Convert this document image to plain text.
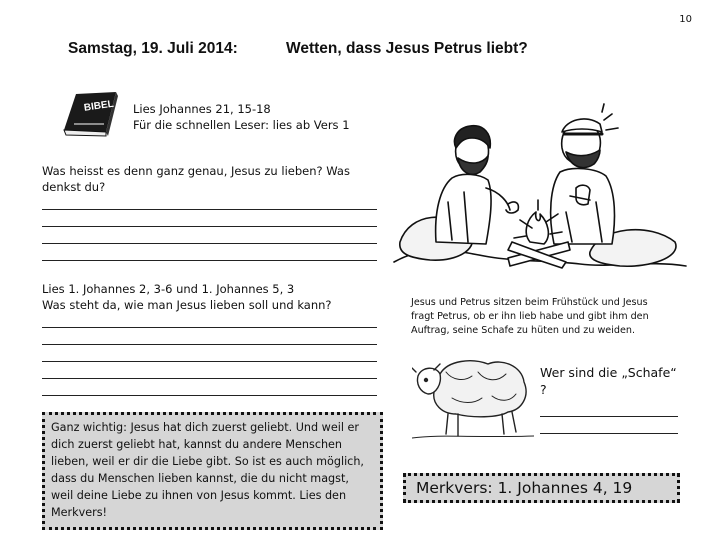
10
Samstag, 19. Juli 2014:	Wetten, dass Jesus Petrus liebt?
BIBEL Lies Johannes 21, 15-18
Für die schnellen Leser: lies ab Vers 1
Was heisst es denn ganz genau, Jesus zu lieben? Was
denkst du?
Lies 1. Johannes 2, 3-6 und 1. Johannes 5, 3
Was steht da, wie man Jesus lieben soll und kann?
Ganz wichtig: Jesus hat dich zuerst geliebt. Und weil er
dich zuerst geliebt hat, kannst du andere Menschen
lieben, weil er dir die Liebe gibt. So ist es auch möglich,
dass du Menschen lieben kannst, die du nicht magst,
weil deine Liebe zu ihnen von Jesus kommt. Lies den
Merkvers!
Jesus und Petrus sitzen beim Frühstück und Jesus
fragt Petrus, ob er ihn lieb habe und gibt ihm den
Auftrag, seine Schafe zu hüten und zu weiden.
Wer sind die „Schafe“
?
Merkvers: 1. Johannes 4, 19
